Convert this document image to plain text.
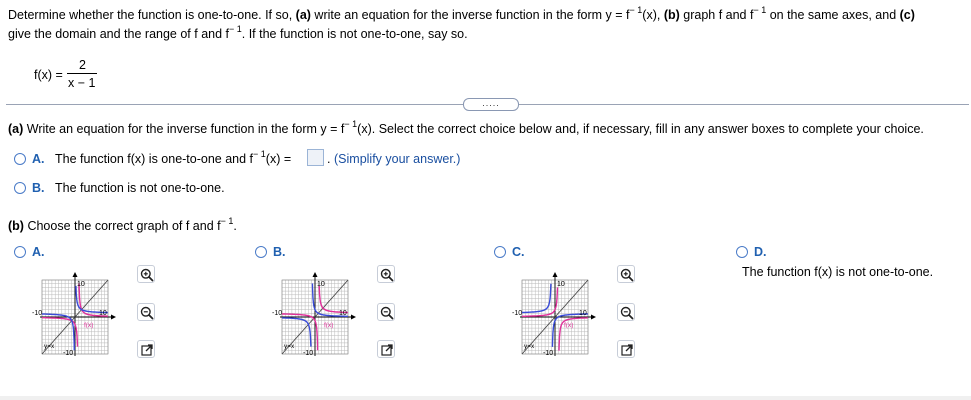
Determine whether the function is one-to-one. If so, (a) write an equation for the inverse function in the form $y = f^{- 1}(x)$, (b) graph f and $f^{- 1}$ on the same axes, and (c)
give the domain and the range of f and $f^{- 1}$. If the function is not one-to-one, say so.
f(x) =
2
x − 1
.....
(a) Write an equation for the inverse function in the form $y = f^{- 1}(x)$. Select the correct choice below and, if necessary, fill in any answer boxes to complete your choice.
A. The function f(x) is one-to-one and $f^{- 1}(x)$ =	. (Simplify your answer.)
B. The function is not one-to-one.
(b) Choose the correct graph of f and $f^{- 1}$.
A.
10
-10	10
-10
f(x)
y=x
B.
10
-10	10
-10
f(x)
y=x
C.
10
-10	10
-10
f(x)
y=x
D.
The function f(x) is not one-to-one.
